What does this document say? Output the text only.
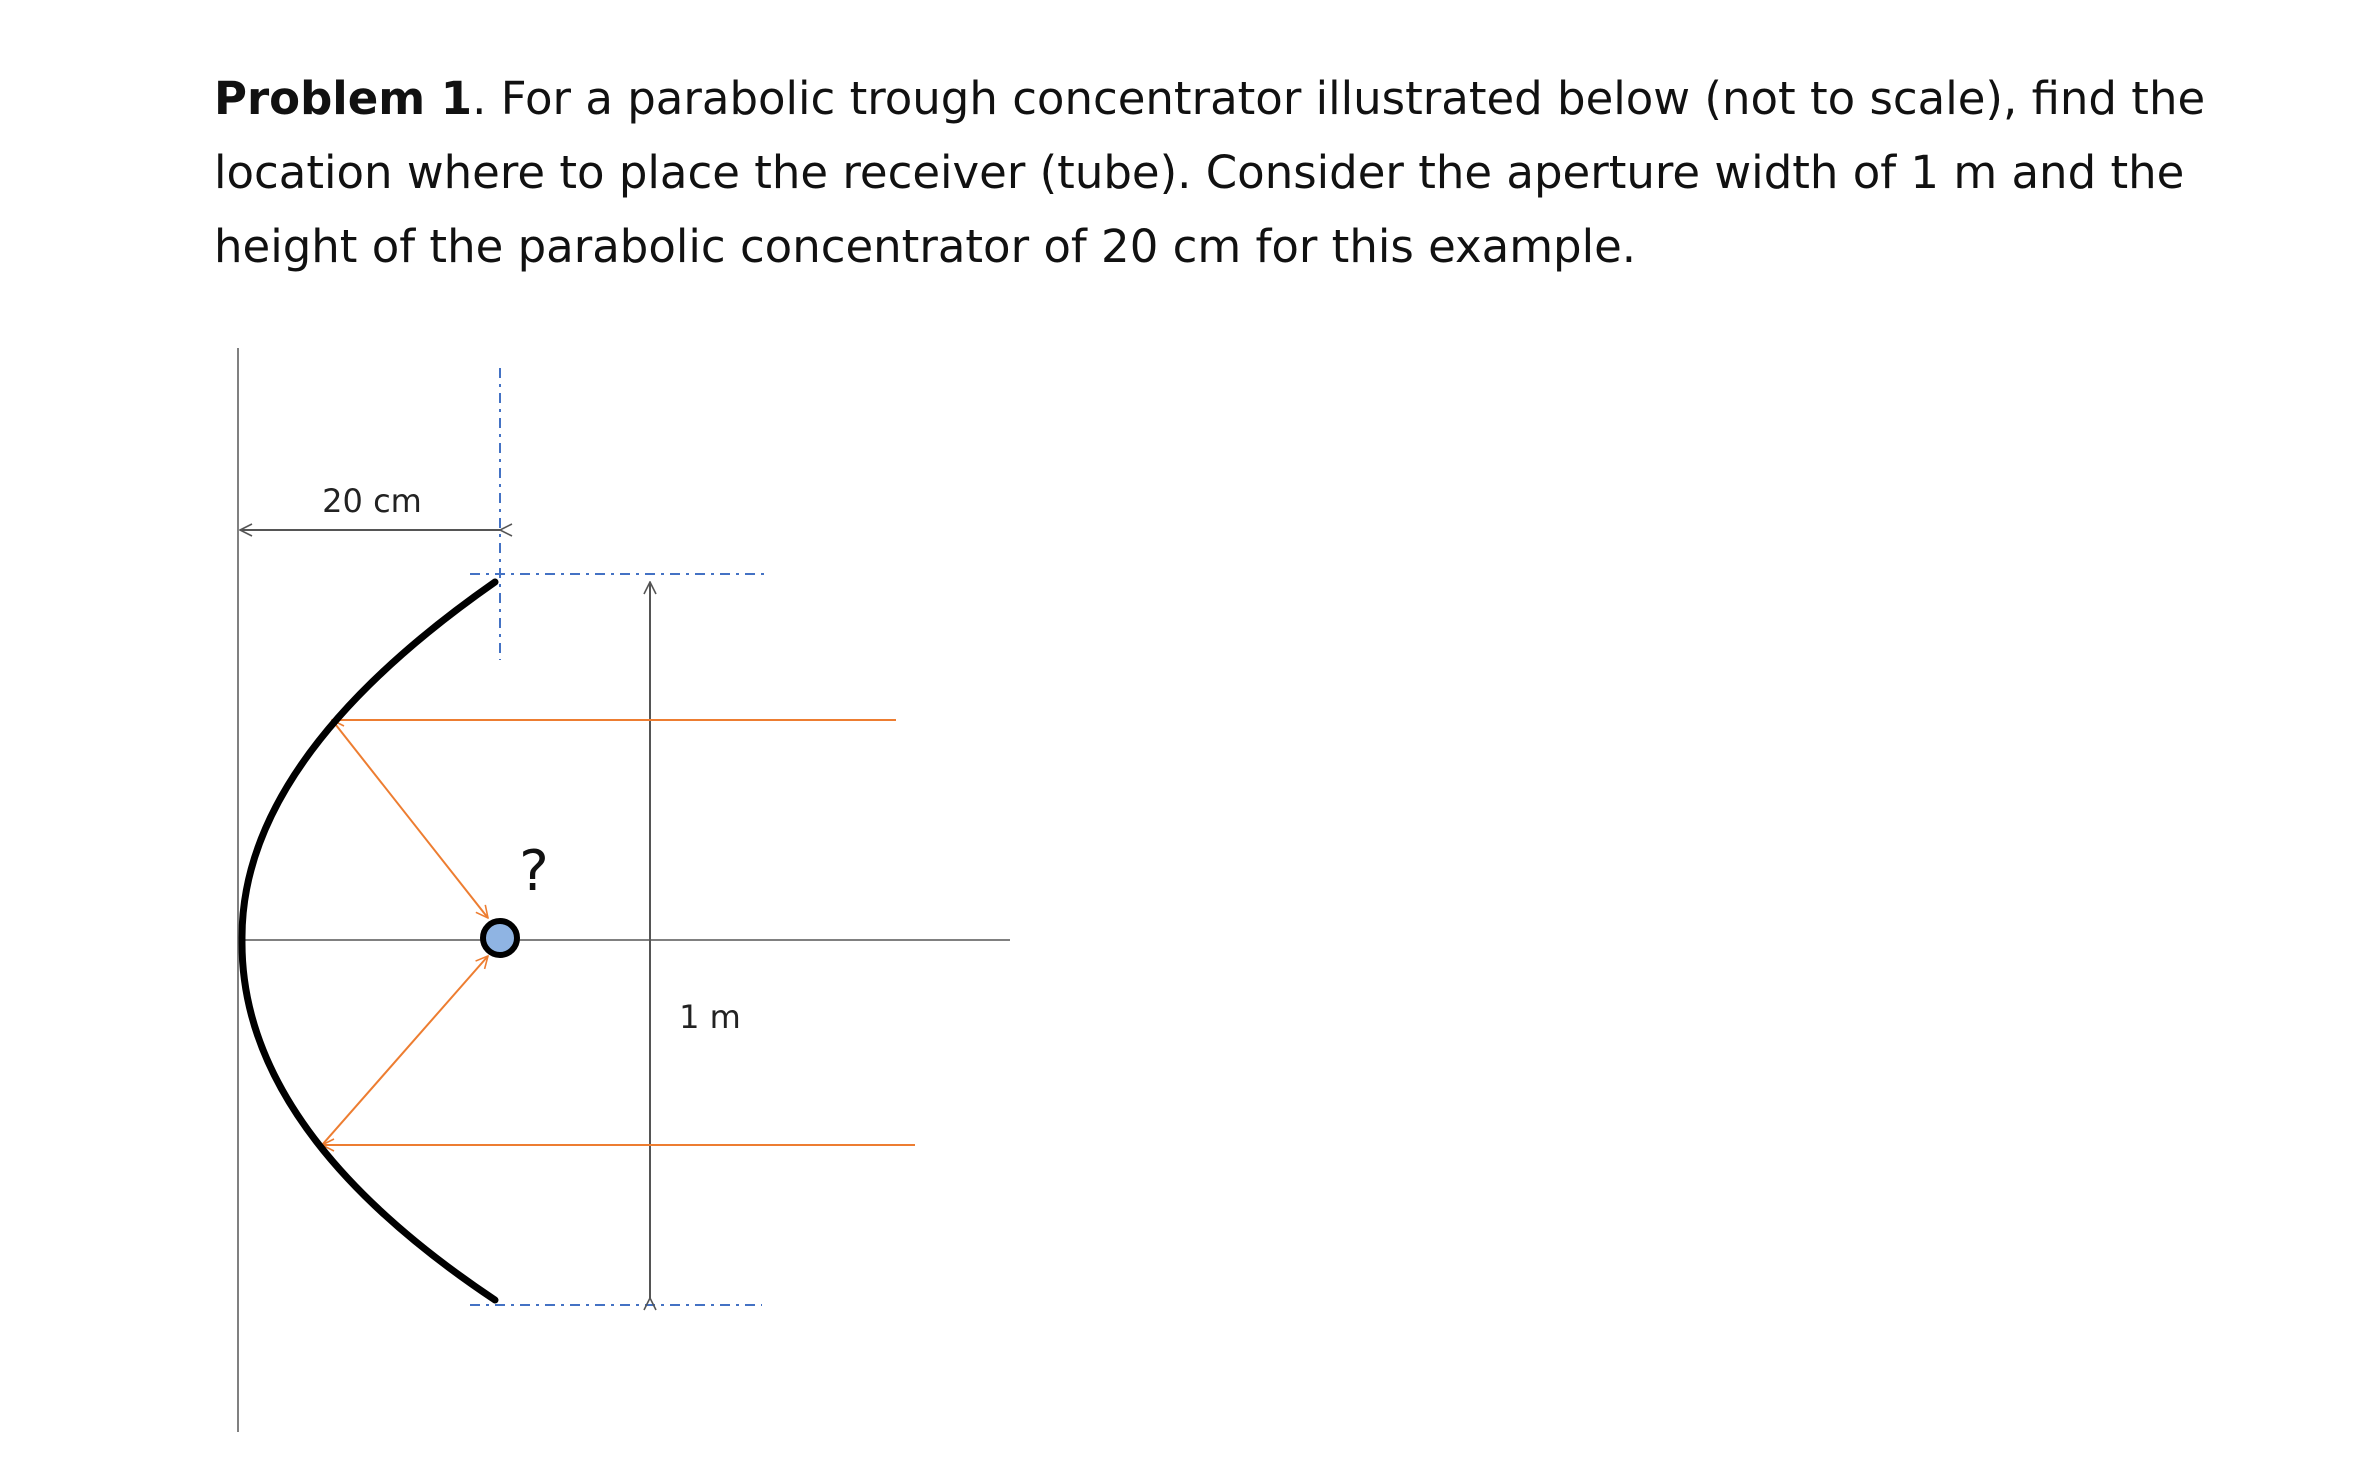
Problem 1. For a parabolic trough concentrator illustrated below (not to scale), find the location where to place the receiver (tube). Consider the aperture width of 1 m and the height of the parabolic concentrator of 20 cm for this example.
20 cm
1 m
?
